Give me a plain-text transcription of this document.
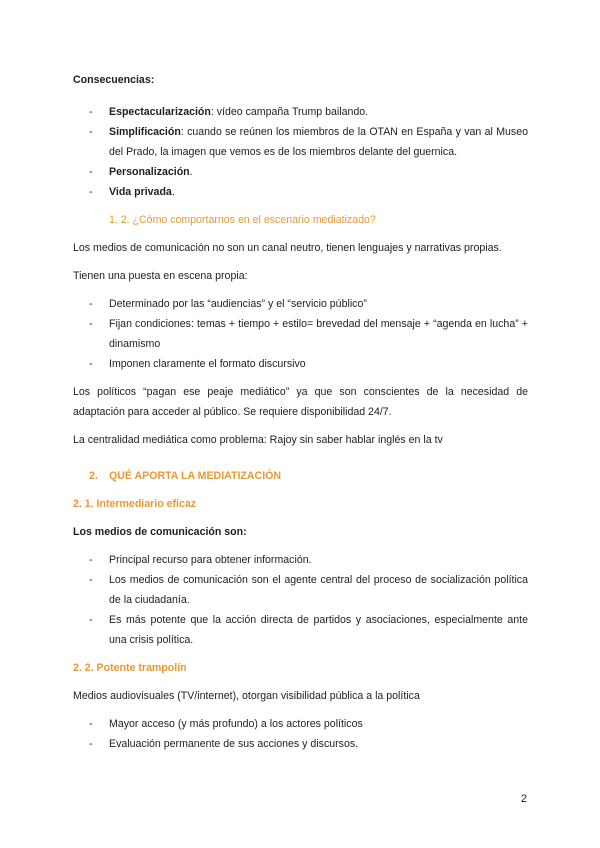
Consecuencias:

- Espectacularización: vídeo campaña Trump bailando.
- Simplificación: cuando se reúnen los miembros de la OTAN en España y van al Museo del Prado, la imagen que vemos es de los miembros delante del guernica.
- Personalización.
- Vida privada.

1. 2. ¿Cómo comportarnos en el escenario mediatizado?

Los medios de comunicación no son un canal neutro, tienen lenguajes y narrativas propias.

Tienen una puesta en escena propia:

- Determinado por las “audiencias” y el “servicio público”
- Fijan condiciones: temas + tiempo + estilo= brevedad del mensaje + “agenda en lucha” + dinamismo
- Imponen claramente el formato discursivo

Los políticos “pagan ese peaje mediático” ya que son conscientes de la necesidad de adaptación para acceder al público. Se requiere disponibilidad 24/7.

La centralidad mediática como problema: Rajoy sin saber hablar inglés en la tv

2. QUÉ APORTA LA MEDIATIZACIÓN

2. 1. Intermediario eficaz

Los medios de comunicación son:

- Principal recurso para obtener información.
- Los medios de comunicación son el agente central del proceso de socialización política de la ciudadanía.
- Es más potente que la acción directa de partidos y asociaciones, especialmente ante una crisis política.

2. 2. Potente trampolín

Medios audiovisuales (TV/internet), otorgan visibilidad pública a la política

- Mayor acceso (y más profundo) a los actores políticos
- Evaluación permanente de sus acciones y discursos.
2
